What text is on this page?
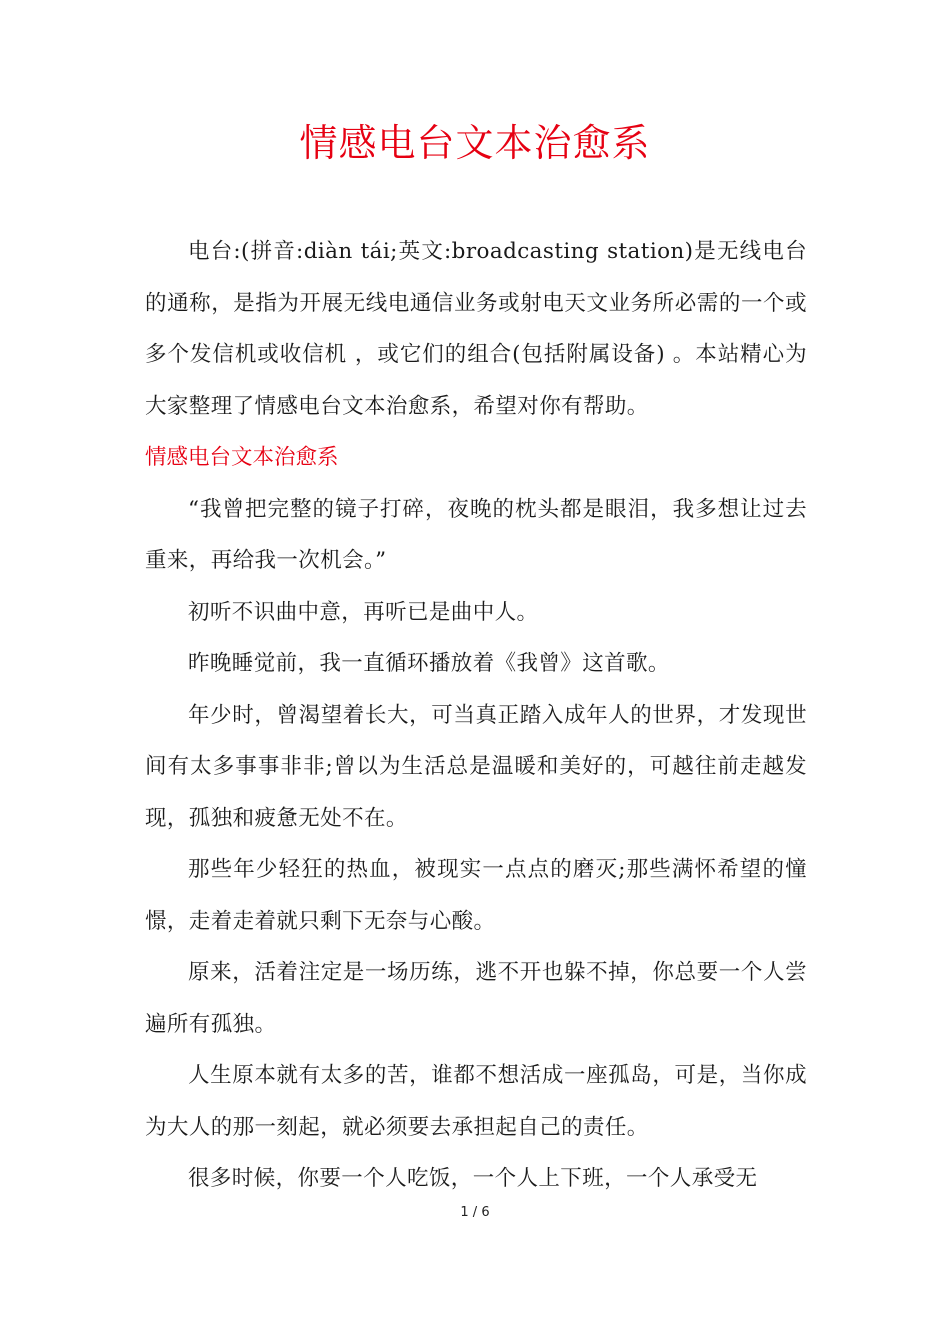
情感电台文本治愈系

电台:(拼音:diàn tái;英文:broadcasting station)是无线电台的通称，是指为开展无线电通信业务或射电天文业务所必需的一个或多个发信机或收信机 ，或它们的组合(包括附属设备) 。本站精心为大家整理了情感电台文本治愈系，希望对你有帮助。

情感电台文本治愈系

“我曾把完整的镜子打碎，夜晚的枕头都是眼泪，我多想让过去重来，再给我一次机会。”

初听不识曲中意，再听已是曲中人。

昨晚睡觉前，我一直循环播放着《我曾》这首歌。

年少时，曾渴望着长大，可当真正踏入成年人的世界，才发现世间有太多事事非非;曾以为生活总是温暖和美好的，可越往前走越发现，孤独和疲惫无处不在。

那些年少轻狂的热血，被现实一点点的磨灭;那些满怀希望的憧憬，走着走着就只剩下无奈与心酸。

原来，活着注定是一场历练，逃不开也躲不掉，你总要一个人尝遍所有孤独。

人生原本就有太多的苦，谁都不想活成一座孤岛，可是，当你成为大人的那一刻起，就必须要去承担起自己的责任。

很多时候，你要一个人吃饭，一个人上下班，一个人承受无

1 / 6
